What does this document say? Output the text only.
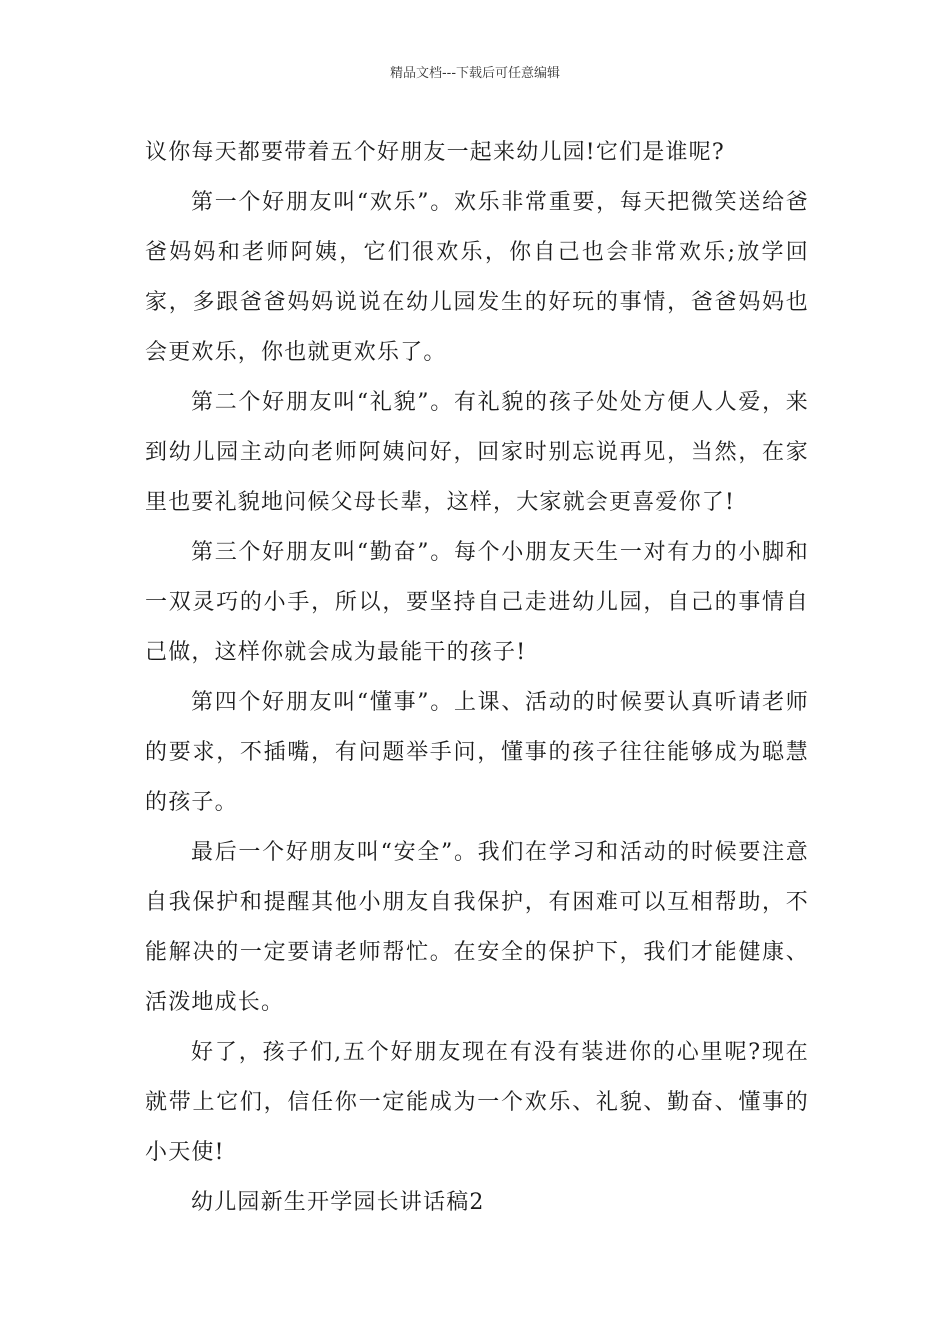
精品文档---下载后可任意编辑

议你每天都要带着五个好朋友一起来幼儿园!它们是谁呢?

第一个好朋友叫“欢乐”。欢乐非常重要，每天把微笑送给爸爸妈妈和老师阿姨，它们很欢乐，你自己也会非常欢乐;放学回家，多跟爸爸妈妈说说在幼儿园发生的好玩的事情，爸爸妈妈也会更欢乐，你也就更欢乐了。

第二个好朋友叫“礼貌”。有礼貌的孩子处处方便人人爱，来到幼儿园主动向老师阿姨问好，回家时别忘说再见，当然，在家里也要礼貌地问候父母长辈，这样，大家就会更喜爱你了!

第三个好朋友叫“勤奋”。每个小朋友天生一对有力的小脚和一双灵巧的小手，所以，要坚持自己走进幼儿园，自己的事情自己做，这样你就会成为最能干的孩子!

第四个好朋友叫“懂事”。上课、活动的时候要认真听请老师的要求，不插嘴，有问题举手问，懂事的孩子往往能够成为聪慧的孩子。

最后一个好朋友叫“安全”。我们在学习和活动的时候要注意自我保护和提醒其他小朋友自我保护，有困难可以互相帮助，不能解决的一定要请老师帮忙。在安全的保护下，我们才能健康、活泼地成长。

好了，孩子们,五个好朋友现在有没有装进你的心里呢?现在就带上它们，信任你一定能成为一个欢乐、礼貌、勤奋、懂事的小天使!

幼儿园新生开学园长讲话稿2
